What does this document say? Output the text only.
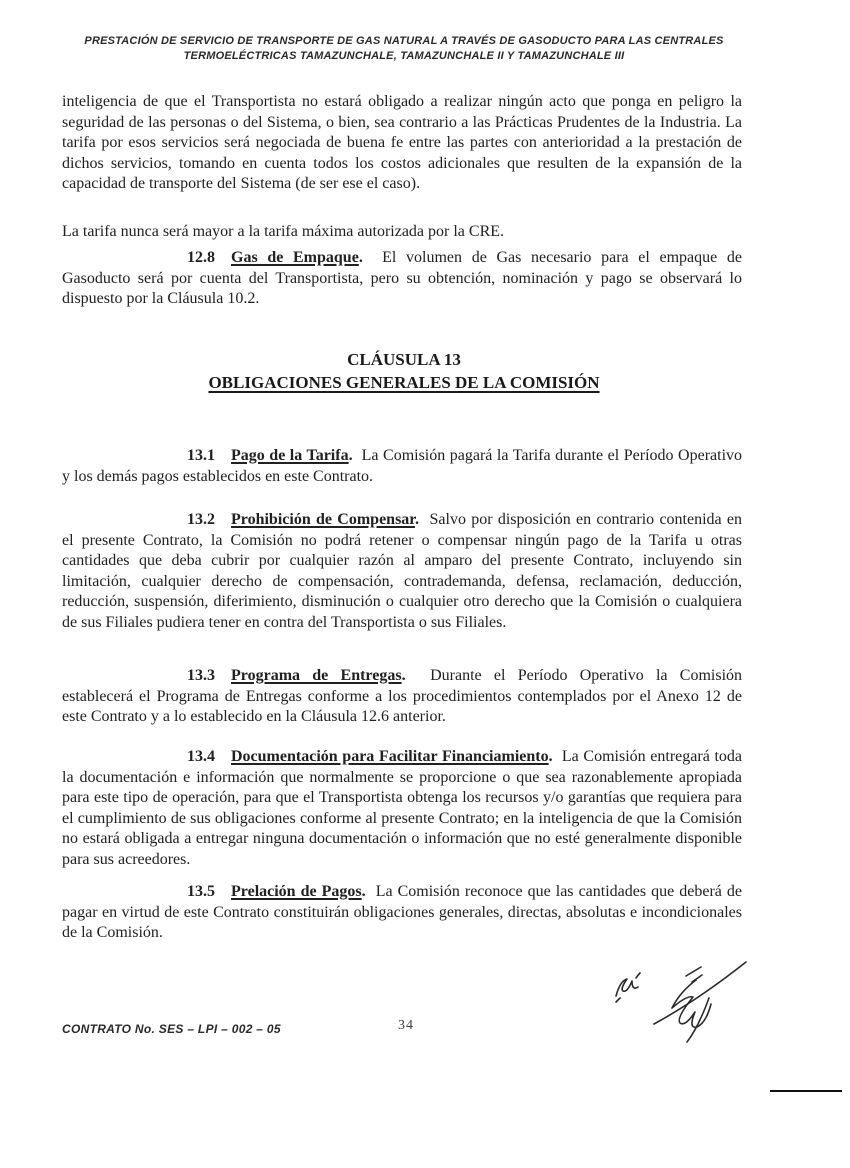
PRESTACIÓN DE SERVICIO DE TRANSPORTE DE GAS NATURAL A TRAVÉS DE GASODUCTO PARA LAS CENTRALES
TERMOELÉCTRICAS TAMAZUNCHALE, TAMAZUNCHALE II Y TAMAZUNCHALE III

inteligencia de que el Transportista no estará obligado a realizar ningún acto que ponga en peligro la seguridad de las personas o del Sistema, o bien, sea contrario a las Prácticas Prudentes de la Industria. La tarifa por esos servicios será negociada de buena fe entre las partes con anterioridad a la prestación de dichos servicios, tomando en cuenta todos los costos adicionales que resulten de la expansión de la capacidad de transporte del Sistema (de ser ese el caso).

La tarifa nunca será mayor a la tarifa máxima autorizada por la CRE.

12.8 Gas de Empaque.  El volumen de Gas necesario para el empaque de Gasoducto será por cuenta del Transportista, pero su obtención, nominación y pago se observará lo dispuesto por la Cláusula 10.2.

CLÁUSULA 13
OBLIGACIONES GENERALES DE LA COMISIÓN

13.1 Pago de la Tarifa.  La Comisión pagará la Tarifa durante el Período Operativo y los demás pagos establecidos en este Contrato.

13.2 Prohibición de Compensar.  Salvo por disposición en contrario contenida en el presente Contrato, la Comisión no podrá retener o compensar ningún pago de la Tarifa u otras cantidades que deba cubrir por cualquier razón al amparo del presente Contrato, incluyendo sin limitación, cualquier derecho de compensación, contrademanda, defensa, reclamación, deducción, reducción, suspensión, diferimiento, disminución o cualquier otro derecho que la Comisión o cualquiera de sus Filiales pudiera tener en contra del Transportista o sus Filiales.

13.3 Programa de Entregas.  Durante el Período Operativo la Comisión establecerá el Programa de Entregas conforme a los procedimientos contemplados por el Anexo 12 de este Contrato y a lo establecido en la Cláusula 12.6 anterior.

13.4 Documentación para Facilitar Financiamiento.  La Comisión entregará toda la documentación e información que normalmente se proporcione o que sea razonablemente apropiada para este tipo de operación, para que el Transportista obtenga los recursos y/o garantías que requiera para el cumplimiento de sus obligaciones conforme al presente Contrato; en la inteligencia de que la Comisión no estará obligada a entregar ninguna documentación o información que no esté generalmente disponible para sus acreedores.

13.5 Prelación de Pagos.  La Comisión reconoce que las cantidades que deberá de pagar en virtud de este Contrato constituirán obligaciones generales, directas, absolutas e incondicionales de la Comisión.

CONTRATO No. SES – LPI – 002 – 05	34
